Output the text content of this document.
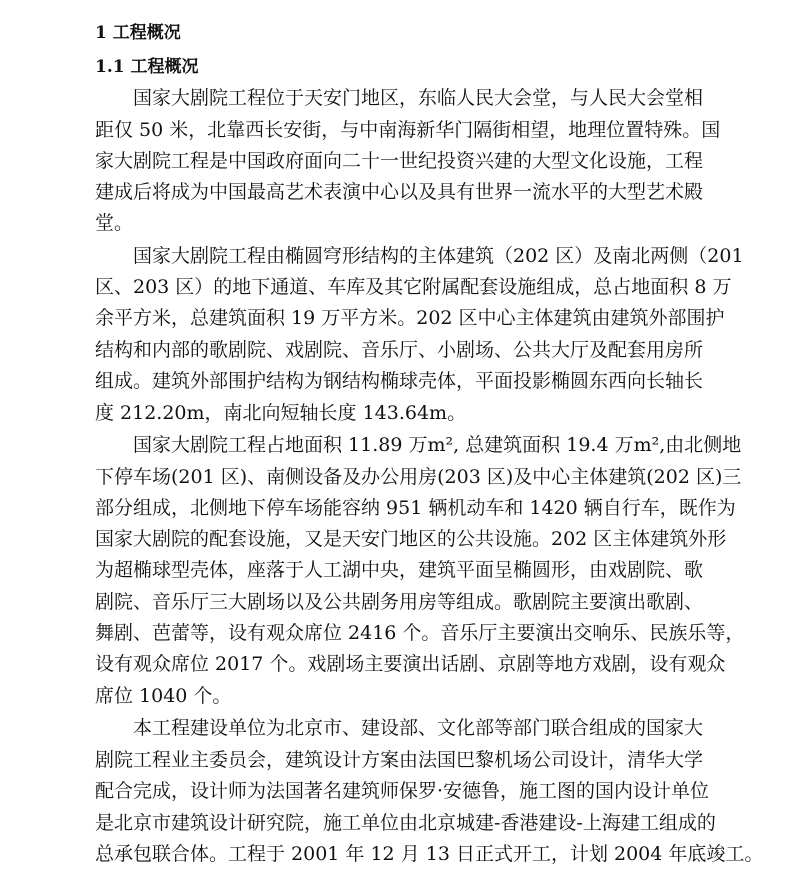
1 工程概况
1.1 工程概况
国家大剧院工程位于天安门地区，东临人民大会堂，与人民大会堂相
距仅 50 米，北靠西长安街，与中南海新华门隔街相望，地理位置特殊。国
家大剧院工程是中国政府面向二十一世纪投资兴建的大型文化设施，工程
建成后将成为中国最高艺术表演中心以及具有世界一流水平的大型艺术殿
堂。
国家大剧院工程由椭圆穹形结构的主体建筑（202 区）及南北两侧（201
区、203 区）的地下通道、车库及其它附属配套设施组成，总占地面积 8 万
余平方米，总建筑面积 19 万平方米。202 区中心主体建筑由建筑外部围护
结构和内部的歌剧院、戏剧院、音乐厅、小剧场、公共大厅及配套用房所
组成。建筑外部围护结构为钢结构椭球壳体，平面投影椭圆东西向长轴长
度 212.20m，南北向短轴长度 143.64m。
国家大剧院工程占地面积 11.89 万m², 总建筑面积 19.4 万m²,由北侧地
下停车场(201 区)、南侧设备及办公用房(203 区)及中心主体建筑(202 区)三
部分组成，北侧地下停车场能容纳 951 辆机动车和 1420 辆自行车，既作为
国家大剧院的配套设施，又是天安门地区的公共设施。202 区主体建筑外形
为超椭球型壳体，座落于人工湖中央，建筑平面呈椭圆形，由戏剧院、歌
剧院、音乐厅三大剧场以及公共剧务用房等组成。歌剧院主要演出歌剧、
舞剧、芭蕾等，设有观众席位 2416 个。音乐厅主要演出交响乐、民族乐等，
设有观众席位 2017 个。戏剧场主要演出话剧、京剧等地方戏剧，设有观众
席位 1040 个。
本工程建设单位为北京市、建设部、文化部等部门联合组成的国家大
剧院工程业主委员会，建筑设计方案由法国巴黎机场公司设计，清华大学
配合完成，设计师为法国著名建筑师保罗·安德鲁，施工图的国内设计单位
是北京市建筑设计研究院，施工单位由北京城建-香港建设-上海建工组成的
总承包联合体。工程于 2001 年 12 月 13 日正式开工，计划 2004 年底竣工。
